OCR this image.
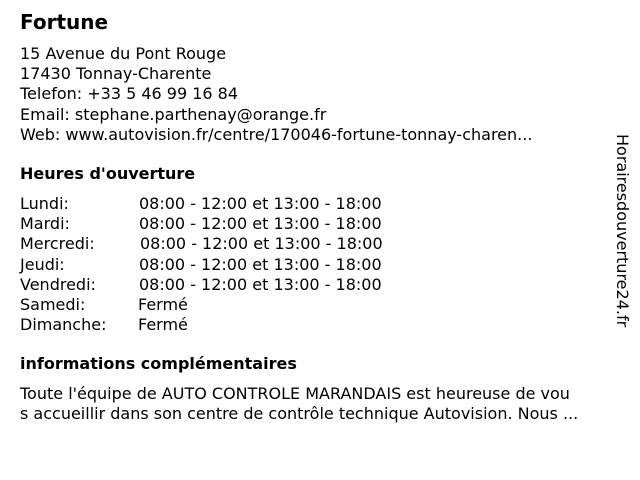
Fortune
15 Avenue du Pont Rouge
17430 Tonnay-Charente
Telefon: +33 5 46 99 16 84
Email: stephane.parthenay@orange.fr
Web: www.autovision.fr/centre/170046-fortune-tonnay-charen...
Heures d'ouverture
Lundi:	08:00 - 12:00 et 13:00 - 18:00
Mardi:	08:00 - 12:00 et 13:00 - 18:00
Mercredi:	08:00 - 12:00 et 13:00 - 18:00
Jeudi:	08:00 - 12:00 et 13:00 - 18:00
Vendredi:	08:00 - 12:00 et 13:00 - 18:00
Samedi:	Fermé
Dimanche: Fermé
informations complémentaires
Toute l'équipe de AUTO CONTROLE MARANDAIS est heureuse de vou
s accueillir dans son centre de contrôle technique Autovision. Nous ...
Horairesdouverture24.fr
